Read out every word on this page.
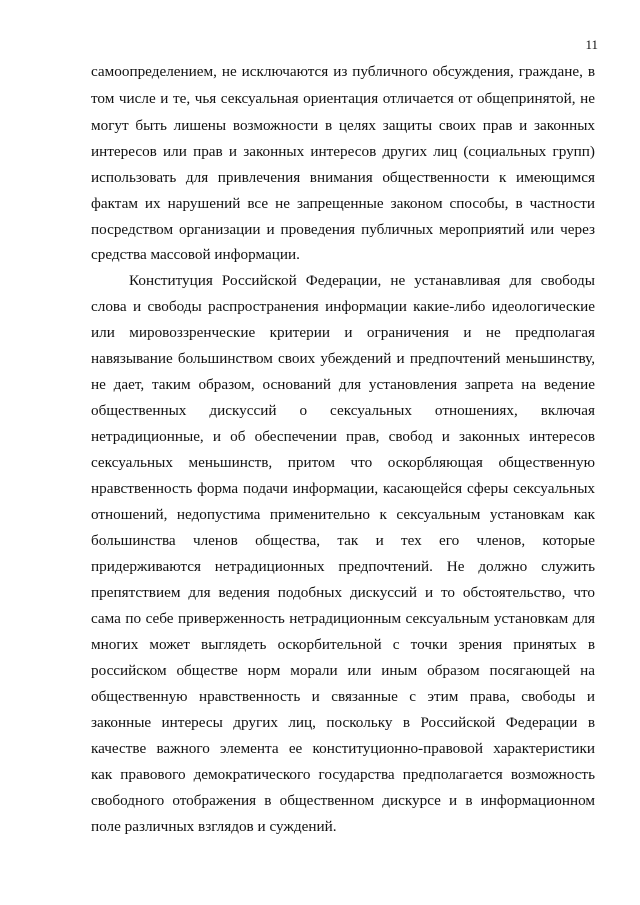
11
самоопределением, не исключаются из публичного обсуждения, граждане, в
том числе и те, чья сексуальная ориентация отличается от общепринятой, не
могут быть лишены возможности в целях защиты своих прав и законных
интересов или прав и законных интересов других лиц (социальных групп)
использовать для привлечения внимания общественности к имеющимся
фактам их нарушений все не запрещенные законом способы, в частности
посредством организации и проведения публичных мероприятий или через
средства массовой информации.
Конституция Российской Федерации, не устанавливая для свободы
слова и свободы распространения информации какие-либо идеологические
или мировоззренческие критерии и ограничения и не предполагая
навязывание большинством своих убеждений и предпочтений меньшинству,
не дает, таким образом, оснований для установления запрета на ведение
общественных дискуссий о сексуальных отношениях, включая
нетрадиционные, и об обеспечении прав, свобод и законных интересов
сексуальных меньшинств, притом что оскорбляющая общественную
нравственность форма подачи информации, касающейся сферы сексуальных
отношений, недопустима применительно к сексуальным установкам как
большинства членов общества, так и тех его членов, которые
придерживаются нетрадиционных предпочтений. Не должно служить
препятствием для ведения подобных дискуссий и то обстоятельство, что
сама по себе приверженность нетрадиционным сексуальным установкам для
многих может выглядеть оскорбительной с точки зрения принятых в
российском обществе норм морали или иным образом посягающей на
общественную нравственность и связанные с этим права, свободы и
законные интересы других лиц, поскольку в Российской Федерации в
качестве важного элемента ее конституционно-правовой характеристики
как правового демократического государства предполагается возможность
свободного отображения в общественном дискурсе и в информационном
поле различных взглядов и суждений.
